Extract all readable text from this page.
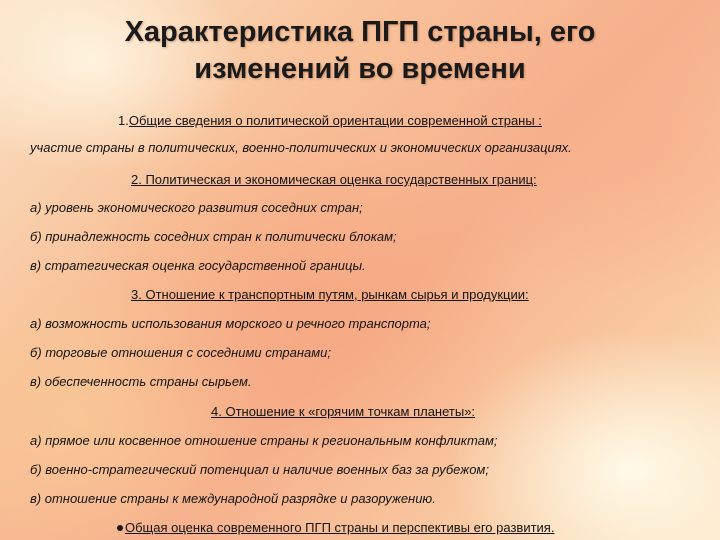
Характеристика ПГП страны, его
изменений во времени
1.Общие сведения о политической ориентации современной страны :
участие страны в политических, военно-политических и экономических организациях.
2. Политическая и экономическая оценка государственных границ:
а) уровень экономического развития соседних стран;
б) принадлежность соседних стран к политически блокам;
в) стратегическая оценка государственной границы.
3. Отношение к транспортным путям, рынкам сырья и продукции:
а) возможность использования морского и речного транспорта;
б) торговые отношения с соседними странами;
в) обеспеченность страны сырьем.
4. Отношение к «горячим точкам планеты»:
а) прямое или косвенное отношение страны к региональным конфликтам;
б) военно-стратегический потенциал и наличие военных баз за рубежом;
в) отношение страны к международной разрядке и разоружению.
Общая оценка современного ПГП страны и перспективы его развития.
